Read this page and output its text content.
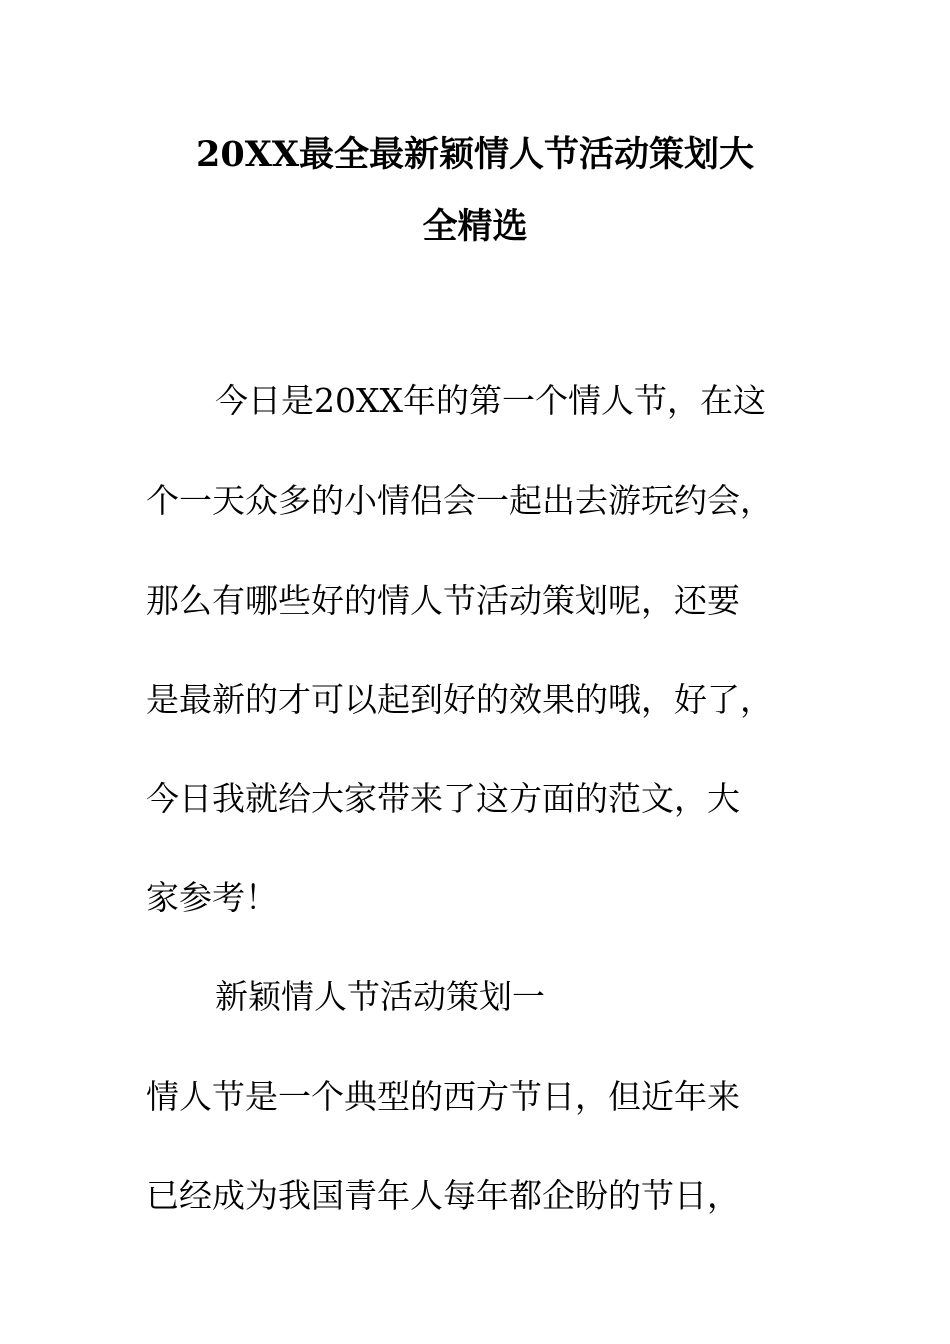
20XX最全最新颖情人节活动策划大
全精选
今日是20XX年的第一个情人节，在这
个一天众多的小情侣会一起出去游玩约会，
那么有哪些好的情人节活动策划呢，还要
是最新的才可以起到好的效果的哦，好了，
今日我就给大家带来了这方面的范文，大
家参考！
新颖情人节活动策划一
情人节是一个典型的西方节日，但近年来
已经成为我国青年人每年都企盼的节日，
